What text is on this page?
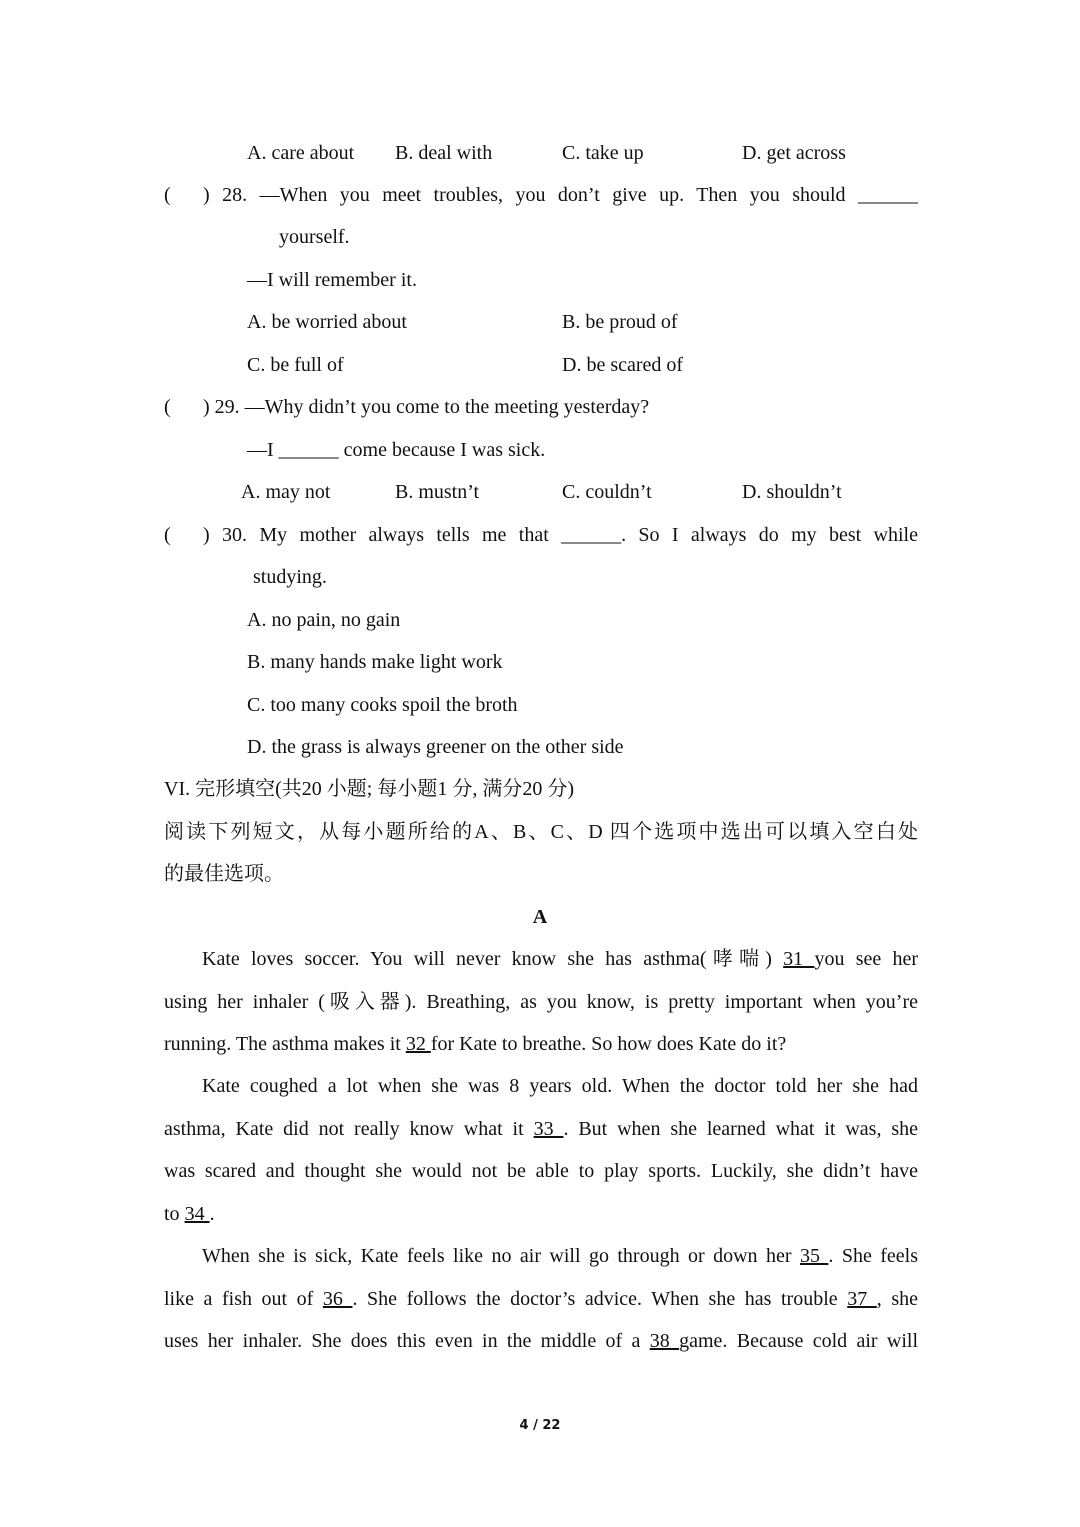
A. care about B. deal with	C. take up	D. get across
( ) 28. —When you meet troubles, you don’t give up. Then you should ______
yourself.
—I will remember it.
A. be worried about	B. be proud of
C. be full of	D. be scared of
( ) 29. —Why didn’t you come to the meeting yesterday?
—I ______ come because I was sick.
A. may not	B. mustn’t	C. couldn’t	D. shouldn’t
( ) 30. My mother always tells me that ______. So I always do my best while
studying.
A. no pain, no gain
B. many hands make light work
C. too many cooks spoil the broth
D. the grass is always greener on the other side
VI. 完形填空(共20 小题; 每小题1 分, 满分20 分)
阅读下列短文，从每小题所给的A、B、C、D 四个选项中选出可以填入空白处
的最佳选项。
A
Kate loves soccer. You will never know she has asthma(哮喘) 31 you see her
using her inhaler (吸入器). Breathing, as you know, is pretty important when you’re
running. The asthma makes it 32 for Kate to breathe. So how does Kate do it?
Kate coughed a lot when she was 8 years old. When the doctor told her she had
asthma, Kate did not really know what it 33 . But when she learned what it was, she
was scared and thought she would not be able to play sports. Luckily, she didn’t have
to 34 .
When she is sick, Kate feels like no air will go through or down her 35 . She feels
like a fish out of 36 . She follows the doctor’s advice. When she has trouble 37 , she
uses her inhaler. She does this even in the middle of a 38 game. Because cold air will
4 / 22
